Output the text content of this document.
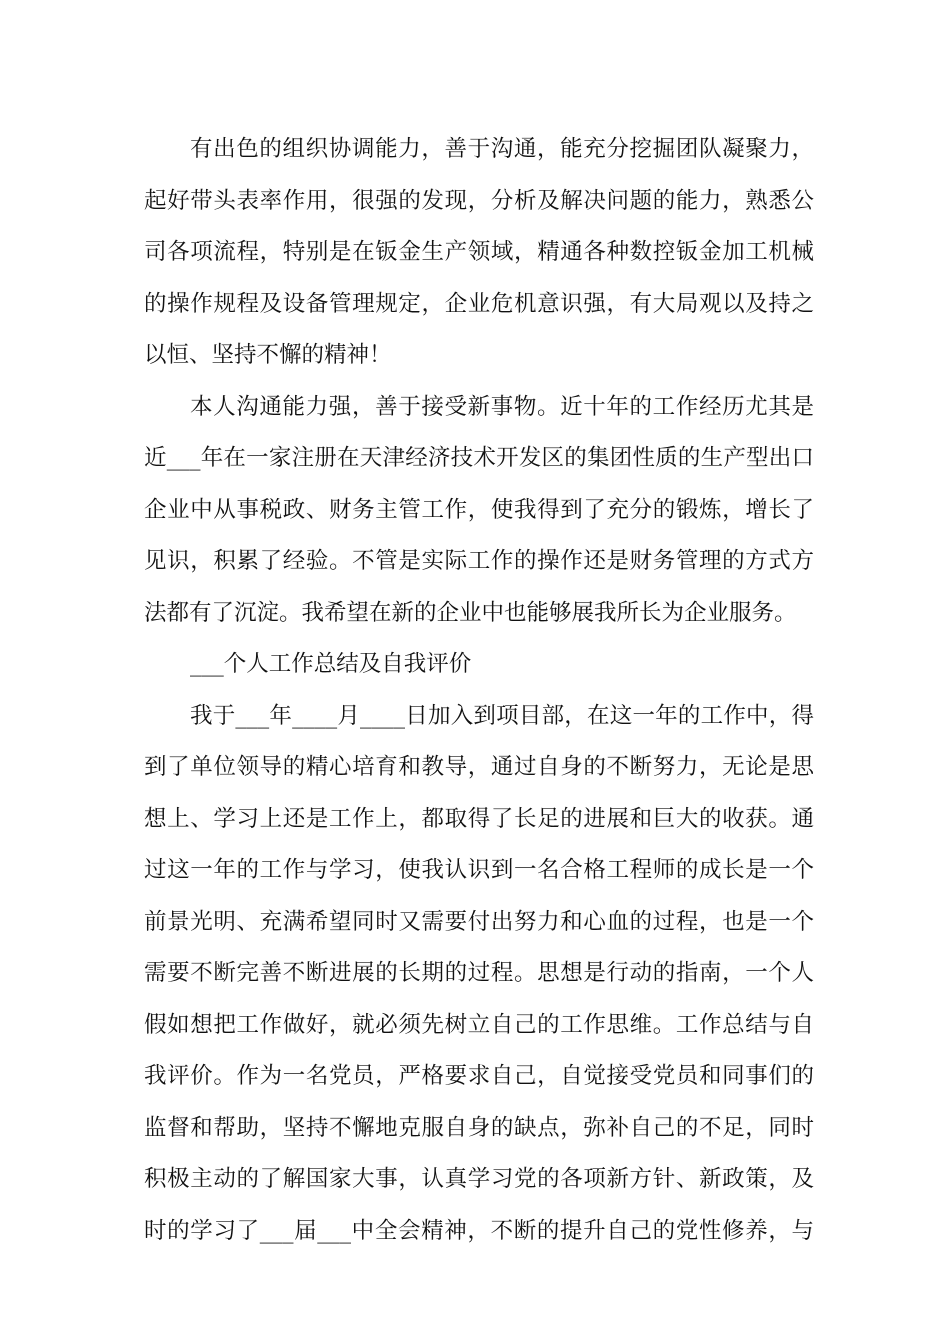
有出色的组织协调能力，善于沟通，能充分挖掘团队凝聚力，
起好带头表率作用，很强的发现，分析及解决问题的能力，熟悉公
司各项流程，特别是在钣金生产领域，精通各种数控钣金加工机械
的操作规程及设备管理规定，企业危机意识强，有大局观以及持之
以恒、坚持不懈的精神！
本人沟通能力强，善于接受新事物。近十年的工作经历尤其是
近___年在一家注册在天津经济技术开发区的集团性质的生产型出口
企业中从事税政、财务主管工作，使我得到了充分的锻炼，增长了
见识，积累了经验。不管是实际工作的操作还是财务管理的方式方
法都有了沉淀。我希望在新的企业中也能够展我所长为企业服务。
___个人工作总结及自我评价
我于___年____月____日加入到项目部，在这一年的工作中，得
到了单位领导的精心培育和教导，通过自身的不断努力，无论是思
想上、学习上还是工作上，都取得了长足的进展和巨大的收获。通
过这一年的工作与学习，使我认识到一名合格工程师的成长是一个
前景光明、充满希望同时又需要付出努力和心血的过程，也是一个
需要不断完善不断进展的长期的过程。思想是行动的指南，一个人
假如想把工作做好，就必须先树立自己的工作思维。工作总结与自
我评价。作为一名党员，严格要求自己，自觉接受党员和同事们的
监督和帮助，坚持不懈地克服自身的缺点，弥补自己的不足，同时
积极主动的了解国家大事，认真学习党的各项新方针、新政策，及
时的学习了___届___中全会精神，不断的提升自己的党性修养，与
